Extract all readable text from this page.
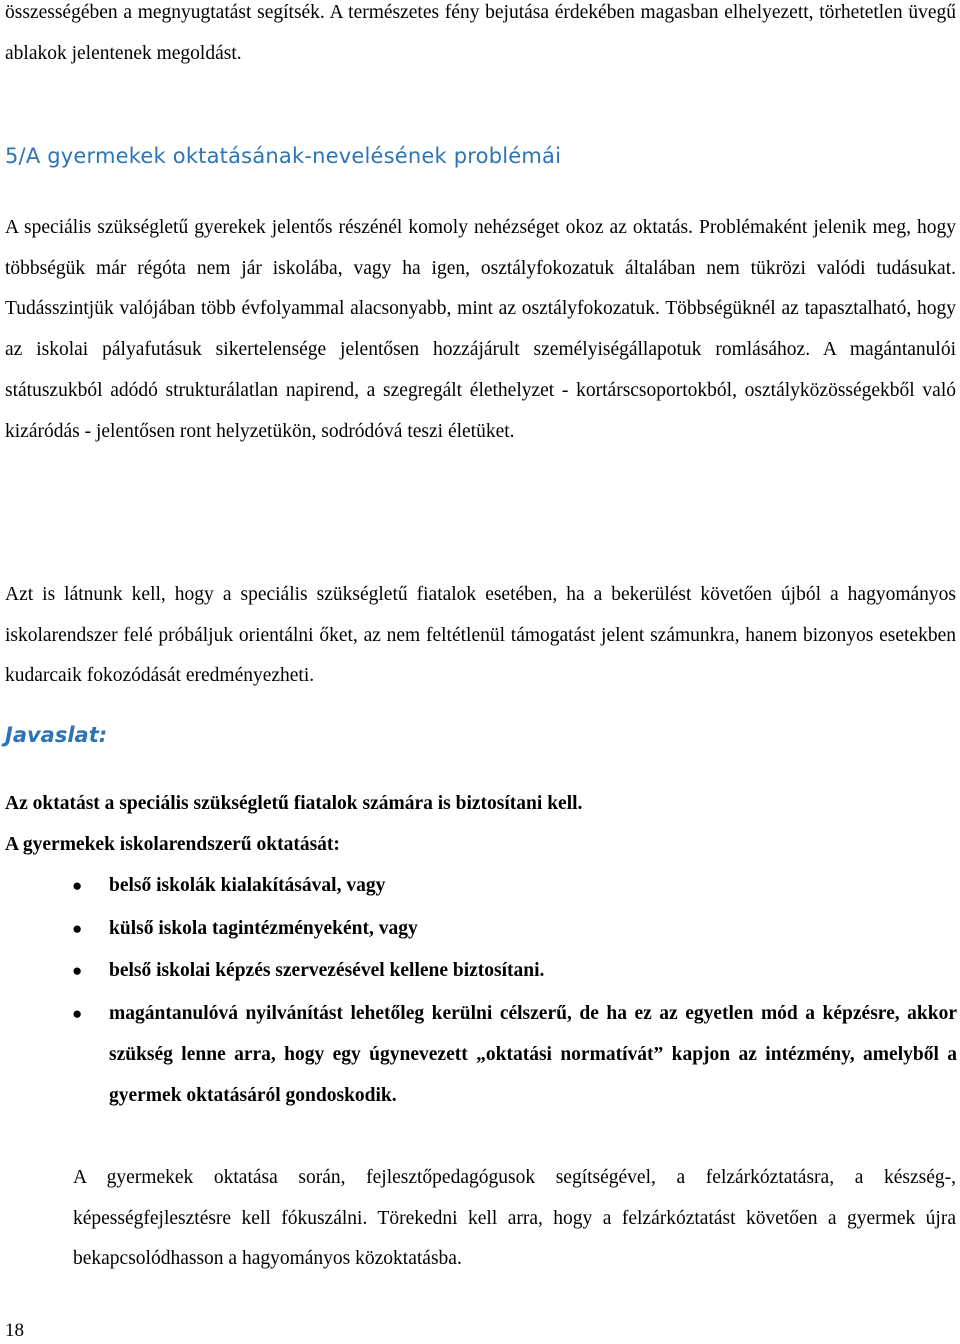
összességében a megnyugtatást segítsék. A természetes fény bejutása érdekében magasban elhelyezett, törhetetlen üvegű ablakok jelentenek megoldást.

5/A gyermekek oktatásának-nevelésének problémái

A speciális szükségletű gyerekek jelentős részénél komoly nehézséget okoz az oktatás. Problémaként jelenik meg, hogy többségük már régóta nem jár iskolába, vagy ha igen, osztályfokozatuk általában nem tükrözi valódi tudásukat. Tudásszintjük valójában több évfolyammal alacsonyabb, mint az osztályfokozatuk. Többségüknél az tapasztalható, hogy az iskolai pályafutásuk sikertelensége jelentősen hozzájárult személyiségállapotuk romlásához. A magántanulói státuszukból adódó strukturálatlan napirend, a szegregált élethelyzet - kortárscsoportokból, osztályközösségekből való kizáródás - jelentősen ront helyzetükön, sodródóvá teszi életüket.

Azt is látnunk kell, hogy a speciális szükségletű fiatalok esetében, ha a bekerülést követően újból a hagyományos iskolarendszer felé próbáljuk orientálni őket, az nem feltétlenül támogatást jelent számunkra, hanem bizonyos esetekben kudarcaik fokozódását eredményezheti.

Javaslat:

Az oktatást a speciális szükségletű fiatalok számára is biztosítani kell.

A gyermekek iskolarendszerű oktatását:

● belső iskolák kialakításával, vagy
● külső iskola tagintézményeként, vagy
● belső iskolai képzés szervezésével kellene biztosítani.
● magántanulóvá nyilvánítást lehetőleg kerülni célszerű, de ha ez az egyetlen mód a képzésre, akkor szükség lenne arra, hogy egy úgynevezett „oktatási normatívát” kapjon az intézmény, amelyből a gyermek oktatásáról gondoskodik.

A gyermekek oktatása során, fejlesztőpedagógusok segítségével, a felzárkóztatásra, a készség-, képességfejlesztésre kell fókuszálni. Törekedni kell arra, hogy a felzárkóztatást követően a gyermek újra bekapcsolódhasson a hagyományos közoktatásba.

18
